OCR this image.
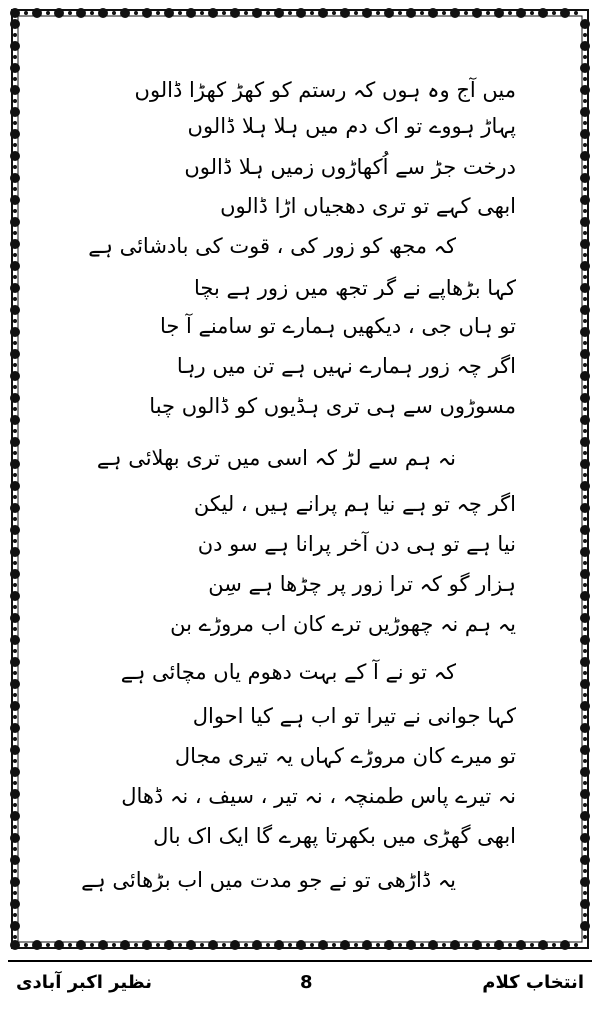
میں آج وہ ہوں کہ رستم کو کھڑ کھڑا ڈالوں
پہاڑ ہووے تو اک دم میں ہلا ہلا ڈالوں
درخت جڑ سے اُکھاڑوں زمیں ہلا ڈالوں
ابھی کہے تو تری دھجیاں اڑا ڈالوں
کہ مجھ کو زور کی ، قوت کی بادشائی ہے
کہا بڑھاپے نے گر تجھ میں زور ہے بچا
تو ہاں جی ، دیکھیں ہمارے تو سامنے آ جا
اگر چہ زور ہمارے نہیں ہے تن میں رہا
مسوڑوں سے ہی تری ہڈیوں کو ڈالوں چبا
نہ ہم سے لڑ کہ اسی میں تری بھلائی ہے
اگر چہ تو ہے نیا ہم پرانے ہیں ، لیکن
نیا ہے تو ہی دن آخر پرانا ہے سو دن
ہزار گو کہ ترا زور پر چڑھا ہے سِن
یہ ہم نہ چھوڑیں ترے کان اب مروڑے بن
کہ تو نے آ کے بہت دھوم یاں مچائی ہے
کہا جوانی نے تیرا تو اب ہے کیا احوال
تو میرے کان مروڑے کہاں یہ تیری مجال
نہ تیرے پاس طمنچہ ، نہ تیر ، سیف ، نہ ڈھال
ابھی گھڑی میں بکھرتا پھرے گا ایک اک بال
یہ ڈاڑھی تو نے جو مدت میں اب بڑھائی ہے
انتخاب کلام
8
نظیر اکبر آبادی
